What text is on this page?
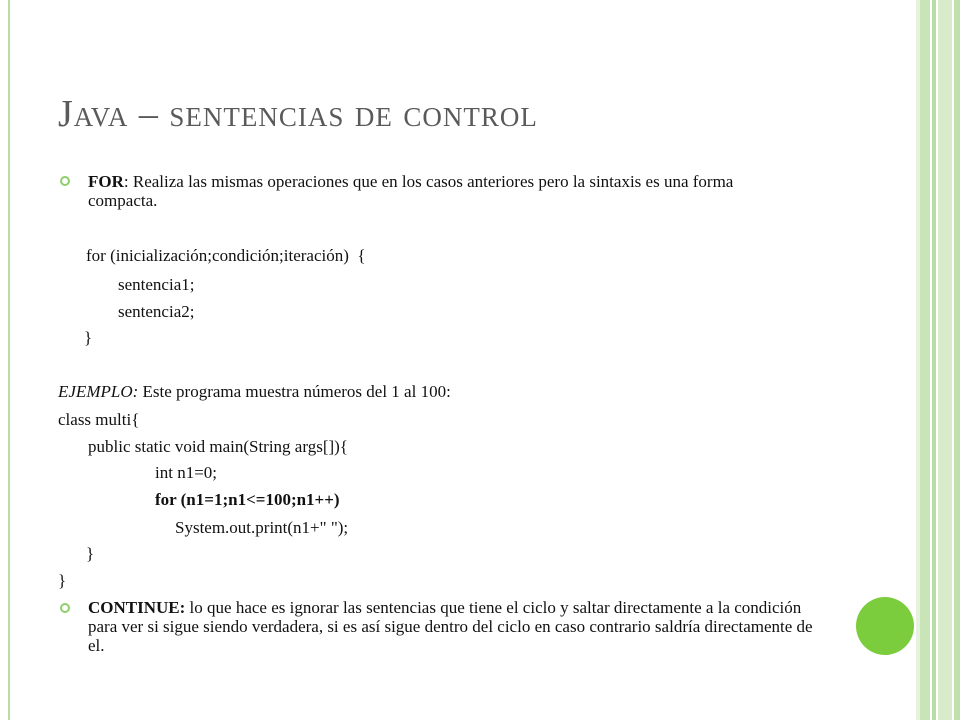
Java – sentencias de control
FOR: Realiza las mismas operaciones que en los casos anteriores pero la sintaxis es una forma compacta.
for (inicialización;condición;iteración)  {
sentencia1;
sentencia2;
}
EJEMPLO: Este programa muestra números del 1 al 100:
class multi{
public static void main(String args[]){
int n1=0;
for (n1=1;n1<=100;n1++)
System.out.print(n1+" ");
}
}
CONTINUE: lo que hace es ignorar las sentencias que tiene el ciclo y saltar directamente a la condición para ver si sigue siendo verdadera, si es así sigue dentro del ciclo en caso contrario saldría directamente de el.
